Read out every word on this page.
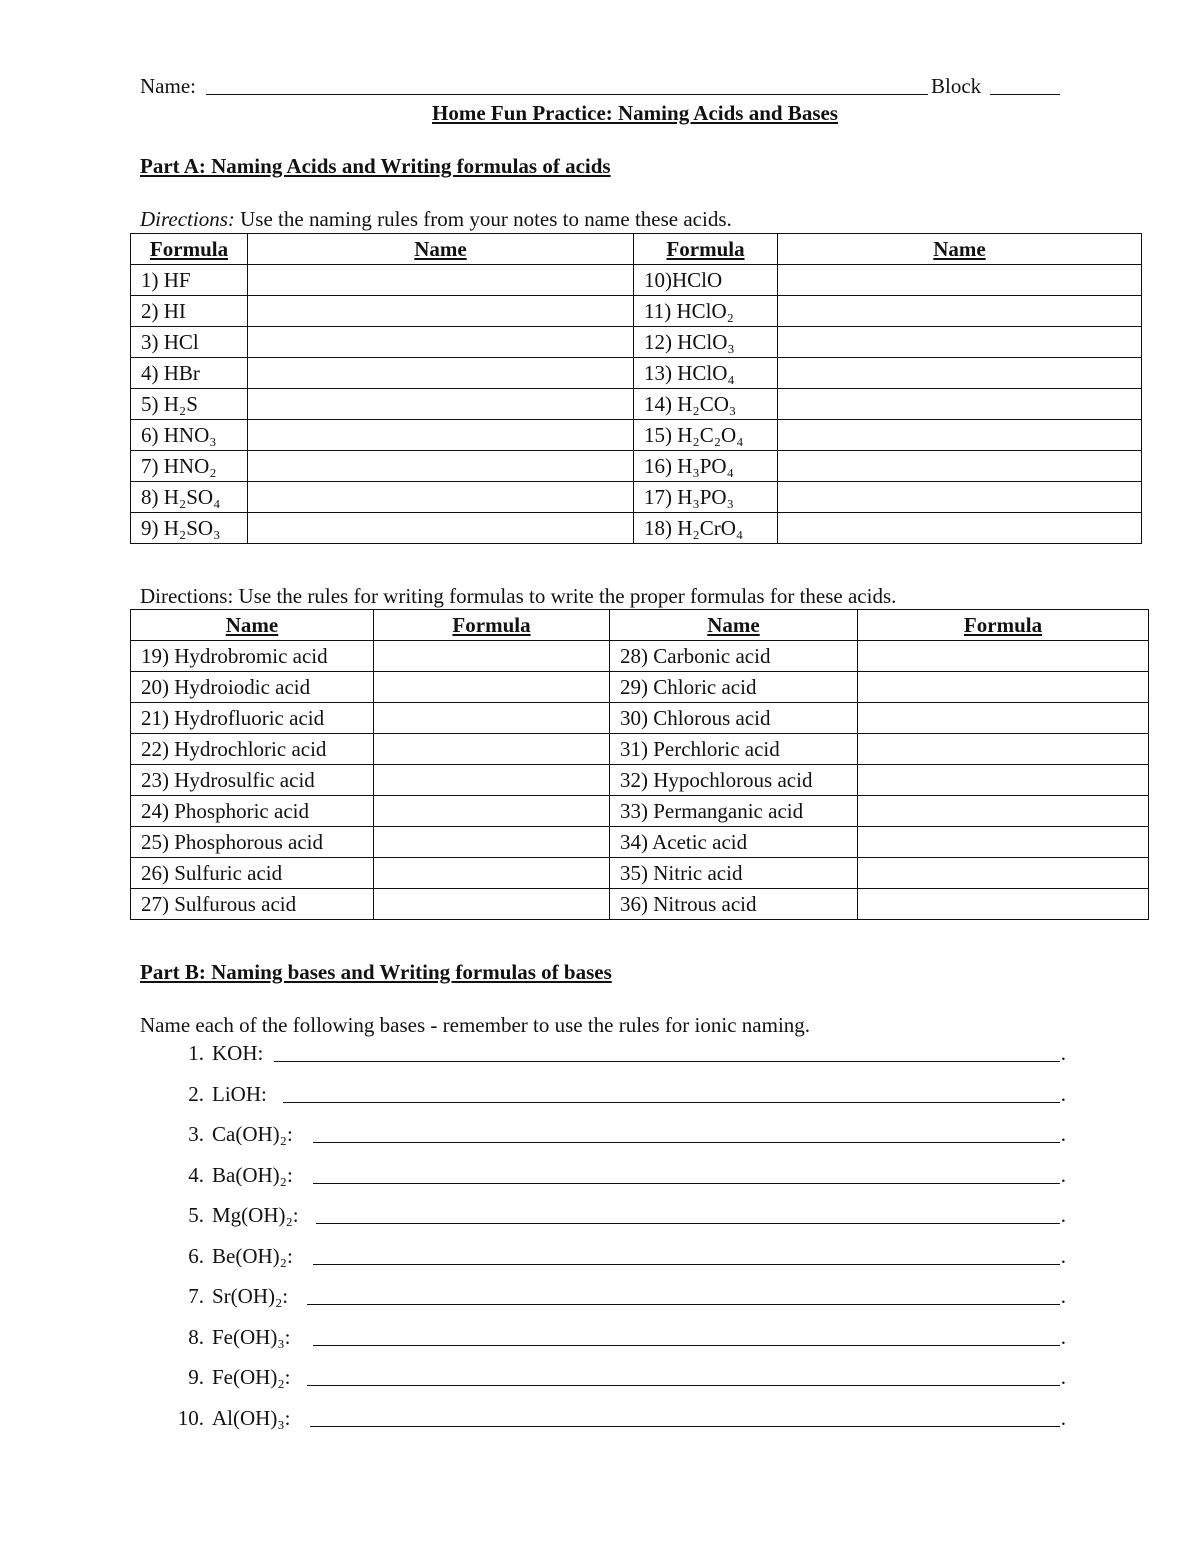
Name:	Block
Home Fun Practice: Naming Acids and Bases
Part A: Naming Acids and Writing formulas of acids
Directions: Use the naming rules from your notes to name these acids.
Formula	Name	Formula	Name
1) HF		10)HClO	
2) HI		11) HClO₂	
3) HCl		12) HClO₃	
4) HBr		13) HClO₄	
5) H₂S		14) H₂CO₃	
6) HNO₃		15) H₂C₂O₄	
7) HNO₂		16) H₃PO₄	
8) H₂SO₄		17) H₃PO₃	
9) H₂SO₃		18) H₂CrO₄	
Directions: Use the rules for writing formulas to write the proper formulas for these acids.
Name	Formula	Name	Formula
19) Hydrobromic acid		28) Carbonic acid	
20) Hydroiodic acid		29) Chloric acid	
21) Hydrofluoric acid		30) Chlorous acid	
22) Hydrochloric acid		31) Perchloric acid	
23) Hydrosulfic acid		32) Hypochlorous acid	
24) Phosphoric acid		33) Permanganic acid	
25) Phosphorous acid		34) Acetic acid	
26) Sulfuric acid		35) Nitric acid	
27) Sulfurous acid		36) Nitrous acid	
Part B: Naming bases and Writing formulas of bases
Name each of the following bases - remember to use the rules for ionic naming.
1. KOH:	.
2. LiOH:	.
3. Ca(OH)₂:	.
4. Ba(OH)₂:	.
5. Mg(OH)₂:	.
6. Be(OH)₂:	.
7. Sr(OH)₂:	.
8. Fe(OH)₃:	.
9. Fe(OH)₂:	.
10. Al(OH)₃:	.
